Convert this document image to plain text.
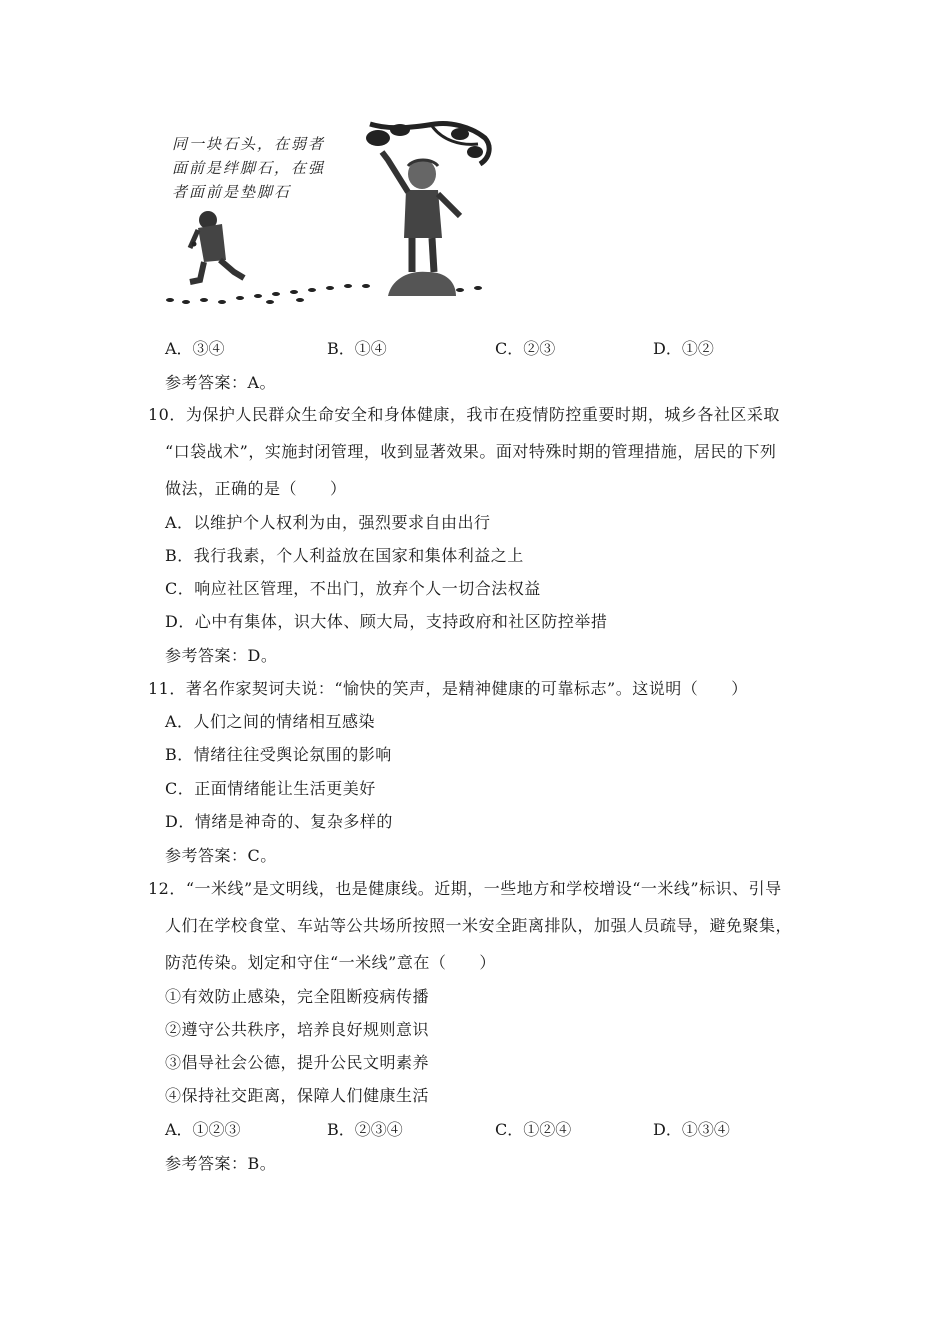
同一块石头，在弱者
面前是绊脚石，在强
者面前是垫脚石
A．③④	B．①④	C．②③	D．①②
参考答案：A。
10．为保护人民群众生命安全和身体健康，我市在疫情防控重要时期，城乡各社区采取
“口袋战术”，实施封闭管理，收到显著效果。面对特殊时期的管理措施，居民的下列
做法，正确的是（　　）
A．以维护个人权利为由，强烈要求自由出行
B．我行我素，个人利益放在国家和集体利益之上
C．响应社区管理，不出门，放弃个人一切合法权益
D．心中有集体，识大体、顾大局，支持政府和社区防控举措
参考答案：D。
11．著名作家契诃夫说：“愉快的笑声，是精神健康的可靠标志”。这说明（　　）
A．人们之间的情绪相互感染
B．情绪往往受舆论氛围的影响
C．正面情绪能让生活更美好
D．情绪是神奇的、复杂多样的
参考答案：C。
12．“一米线”是文明线，也是健康线。近期，一些地方和学校增设“一米线”标识、引导
人们在学校食堂、车站等公共场所按照一米安全距离排队，加强人员疏导，避免聚集，
防范传染。划定和守住“一米线”意在（　　）
①有效防止感染，完全阻断疫病传播
②遵守公共秩序，培养良好规则意识
③倡导社会公德，提升公民文明素养
④保持社交距离，保障人们健康生活
A．①②③	B．②③④	C．①②④	D．①③④
参考答案：B。
